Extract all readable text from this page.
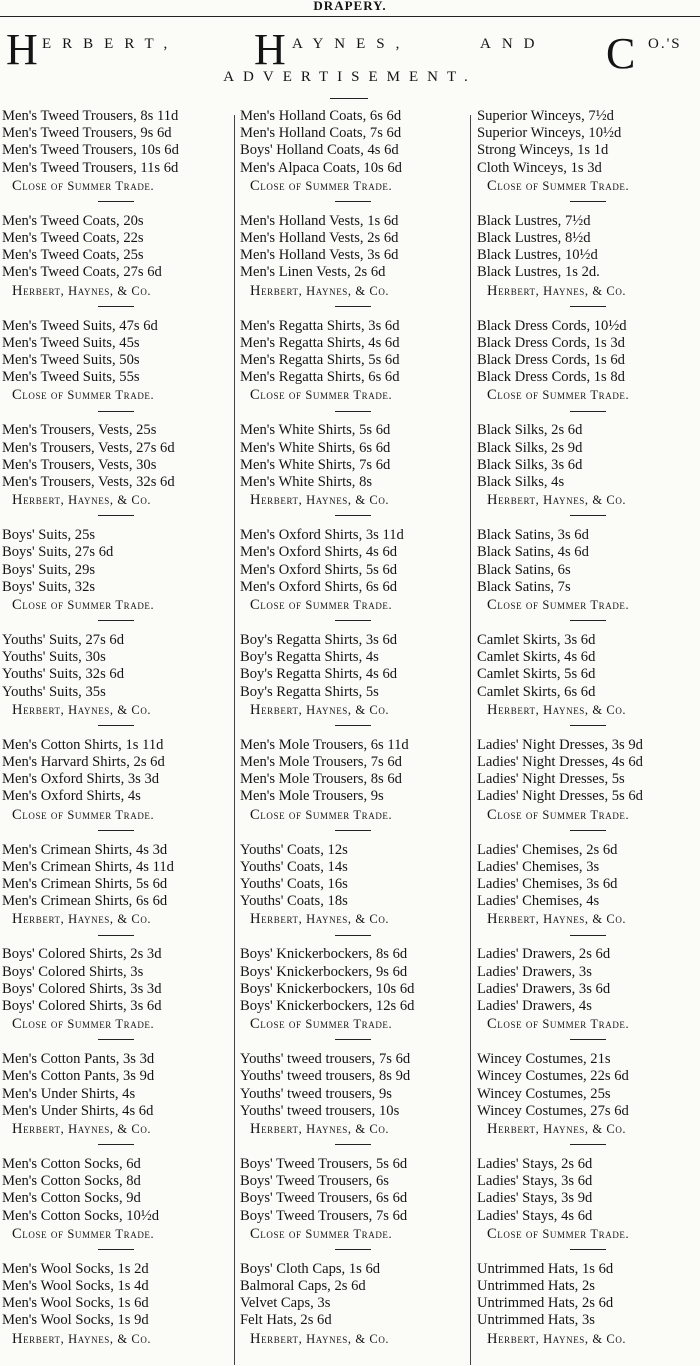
DRAPERY.
H ERBERT, H AYNES,	AND C O.'S
ADVERTISEMENT.
Men's Tweed Trousers, 8s 11d
Men's Tweed Trousers, 9s 6d
Men's Tweed Trousers, 10s 6d
Men's Tweed Trousers, 11s 6d
Close of Summer Trade.
Men's Tweed Coats, 20s
Men's Tweed Coats, 22s
Men's Tweed Coats, 25s
Men's Tweed Coats, 27s 6d
Herbert, Haynes, & Co.
Men's Tweed Suits, 47s 6d
Men's Tweed Suits, 45s
Men's Tweed Suits, 50s
Men's Tweed Suits, 55s
Close of Summer Trade.
Men's Trousers, Vests, 25s
Men's Trousers, Vests, 27s 6d
Men's Trousers, Vests, 30s
Men's Trousers, Vests, 32s 6d
Herbert, Haynes, & Co.
Boys' Suits, 25s
Boys' Suits, 27s 6d
Boys' Suits, 29s
Boys' Suits, 32s
Close of Summer Trade.
Youths' Suits, 27s 6d
Youths' Suits, 30s
Youths' Suits, 32s 6d
Youths' Suits, 35s
Herbert, Haynes, & Co.
Men's Cotton Shirts, 1s 11d
Men's Harvard Shirts, 2s 6d
Men's Oxford Shirts, 3s 3d
Men's Oxford Shirts, 4s
Close of Summer Trade.
Men's Crimean Shirts, 4s 3d
Men's Crimean Shirts, 4s 11d
Men's Crimean Shirts, 5s 6d
Men's Crimean Shirts, 6s 6d
Herbert, Haynes, & Co.
Boys' Colored Shirts, 2s 3d
Boys' Colored Shirts, 3s
Boys' Colored Shirts, 3s 3d
Boys' Colored Shirts, 3s 6d
Close of Summer Trade.
Men's Cotton Pants, 3s 3d
Men's Cotton Pants, 3s 9d
Men's Under Shirts, 4s
Men's Under Shirts, 4s 6d
Herbert, Haynes, & Co.
Men's Cotton Socks, 6d
Men's Cotton Socks, 8d
Men's Cotton Socks, 9d
Men's Cotton Socks, 10½d
Close of Summer Trade.
Men's Wool Socks, 1s 2d
Men's Wool Socks, 1s 4d
Men's Wool Socks, 1s 6d
Men's Wool Socks, 1s 9d
Herbert, Haynes, & Co.
Men's Holland Coats, 6s 6d
Men's Holland Coats, 7s 6d
Boys' Holland Coats, 4s 6d
Men's Alpaca Coats, 10s 6d
Close of Summer Trade.
Men's Holland Vests, 1s 6d
Men's Holland Vests, 2s 6d
Men's Holland Vests, 3s 6d
Men's Linen Vests, 2s 6d
Herbert, Haynes, & Co.
Men's Regatta Shirts, 3s 6d
Men's Regatta Shirts, 4s 6d
Men's Regatta Shirts, 5s 6d
Men's Regatta Shirts, 6s 6d
Close of Summer Trade.
Men's White Shirts, 5s 6d
Men's White Shirts, 6s 6d
Men's White Shirts, 7s 6d
Men's White Shirts, 8s
Herbert, Haynes, & Co.
Men's Oxford Shirts, 3s 11d
Men's Oxford Shirts, 4s 6d
Men's Oxford Shirts, 5s 6d
Men's Oxford Shirts, 6s 6d
Close of Summer Trade.
Boy's Regatta Shirts, 3s 6d
Boy's Regatta Shirts, 4s
Boy's Regatta Shirts, 4s 6d
Boy's Regatta Shirts, 5s
Herbert, Haynes, & Co.
Men's Mole Trousers, 6s 11d
Men's Mole Trousers, 7s 6d
Men's Mole Trousers, 8s 6d
Men's Mole Trousers, 9s
Close of Summer Trade.
Youths' Coats, 12s
Youths' Coats, 14s
Youths' Coats, 16s
Youths' Coats, 18s
Herbert, Haynes, & Co.
Boys' Knickerbockers, 8s 6d
Boys' Knickerbockers, 9s 6d
Boys' Knickerbockers, 10s 6d
Boys' Knickerbockers, 12s 6d
Close of Summer Trade.
Youths' tweed trousers, 7s 6d
Youths' tweed trousers, 8s 9d
Youths' tweed trousers, 9s
Youths' tweed trousers, 10s
Herbert, Haynes, & Co.
Boys' Tweed Trousers, 5s 6d
Boys' Tweed Trousers, 6s
Boys' Tweed Trousers, 6s 6d
Boys' Tweed Trousers, 7s 6d
Close of Summer Trade.
Boys' Cloth Caps, 1s 6d
Balmoral Caps, 2s 6d
Velvet Caps, 3s
Felt Hats, 2s 6d
Herbert, Haynes, & Co.
Superior Winceys, 7½d
Superior Winceys, 10½d
Strong Winceys, 1s 1d
Cloth Winceys, 1s 3d
Close of Summer Trade.
Black Lustres, 7½d
Black Lustres, 8½d
Black Lustres, 10½d
Black Lustres, 1s 2d.
Herbert, Haynes, & Co.
Black Dress Cords, 10½d
Black Dress Cords, 1s 3d
Black Dress Cords, 1s 6d
Black Dress Cords, 1s 8d
Close of Summer Trade.
Black Silks, 2s 6d
Black Silks, 2s 9d
Black Silks, 3s 6d
Black Silks, 4s
Herbert, Haynes, & Co.
Black Satins, 3s 6d
Black Satins, 4s 6d
Black Satins, 6s
Black Satins, 7s
Close of Summer Trade.
Camlet Skirts, 3s 6d
Camlet Skirts, 4s 6d
Camlet Skirts, 5s 6d
Camlet Skirts, 6s 6d
Herbert, Haynes, & Co.
Ladies' Night Dresses, 3s 9d
Ladies' Night Dresses, 4s 6d
Ladies' Night Dresses, 5s
Ladies' Night Dresses, 5s 6d
Close of Summer Trade.
Ladies' Chemises, 2s 6d
Ladies' Chemises, 3s
Ladies' Chemises, 3s 6d
Ladies' Chemises, 4s
Herbert, Haynes, & Co.
Ladies' Drawers, 2s 6d
Ladies' Drawers, 3s
Ladies' Drawers, 3s 6d
Ladies' Drawers, 4s
Close of Summer Trade.
Wincey Costumes, 21s
Wincey Costumes, 22s 6d
Wincey Costumes, 25s
Wincey Costumes, 27s 6d
Herbert, Haynes, & Co.
Ladies' Stays, 2s 6d
Ladies' Stays, 3s 6d
Ladies' Stays, 3s 9d
Ladies' Stays, 4s 6d
Close of Summer Trade.
Untrimmed Hats, 1s 6d
Untrimmed Hats, 2s
Untrimmed Hats, 2s 6d
Untrimmed Hats, 3s
Herbert, Haynes, & Co.
